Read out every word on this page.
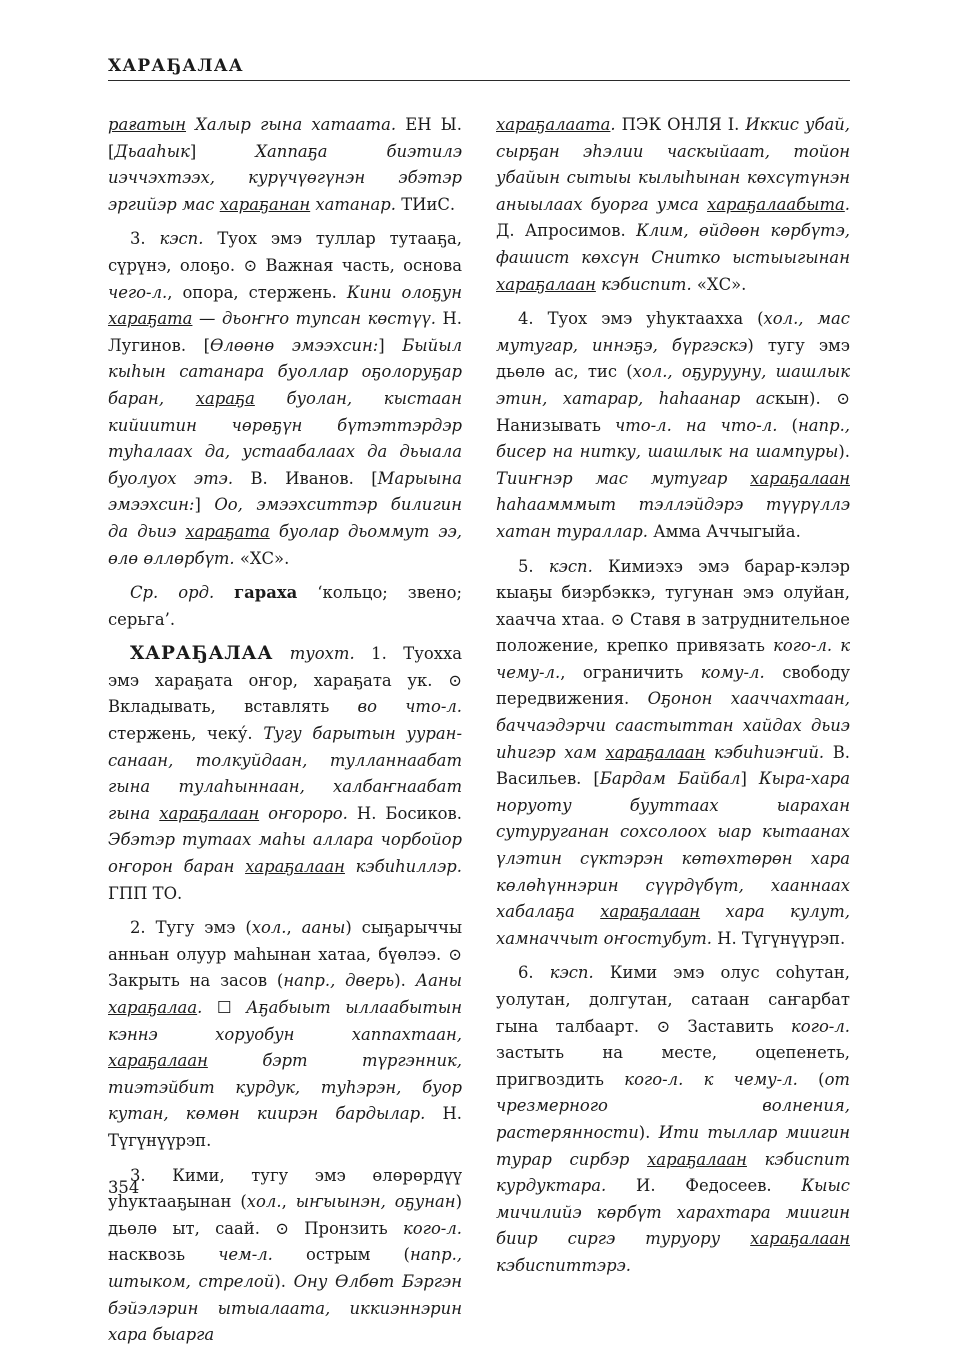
ХАРАҔАЛАА

рағатын Халыр гына хатаата. ЕН Ы. [Дьааһык] Хаппаҕа биэтилэ иэччэхтээх, курүчүөгүнэн эбэтэр эргийэр мас хараҕанан хатанар. ТИиС.

3. кэсп. Туох эмэ туллар тутааҕа, сүрүнэ, олоҕо. ⊙ Важная часть, основа чего-л., опора, стержень. Кини олоҕун хараҕата — дьоҥҥо тупсан көстүү. Н. Лугинов. [Өлөөнө эмээхсин:] Быйыл кыһын сатанара буоллар оҕолоруҕар баран, хараҕа буолан, кыстаан кийиитин чөрөҕүн бүтэттэрдэр туһалаах да, устаабалаах да дьыала буолуох этэ. В. Иванов. [Марыына эмээхсин:] Оо, эмээхситтэр билигин да дьиэ хараҕата буолар дьоммут ээ, өлө өллөрбүт. «ХС».

Ср. орд. гараха ‘кольцо; звено; серьга’.

ХАРАҔАЛАА туохт. 1. Туохха эмэ хараҕата оҥор, хараҕата ук. ⊙ Вкладывать, вставлять во что-л. стержень, чеку́. Тугу барытын ууран-санаан, толкуйдаан, тулланнаабат гына тулаһыннаан, халбаҥнаабат гына хараҕалаан оҥороро. Н. Босиков. Эбэтэр тутаах маһы аллара чорбойор оҥорон баран хараҕалаан кэбиһиллэр. ГПП ТО.

2. Тугу эмэ (хол., ааны) сыҕарыччы анньан олуур маһынан хатаа, бүөлээ. ⊙ Закрыть на засов (напр., дверь). Ааны хараҕалаа. ☐ Аҕабыыт ыллаабытын кэннэ хоруобун хаппахтаан, хараҕалаан бэрт түргэнник, тиэтэйбит курдук, туһэрэн, буор кутан, көмөн киирэн бардылар. Н. Түгүнүүрэп.

3. Кими, тугу эмэ өлөрөрдүү уһуктааҕынан (хол., ыҥыынэн, оҕунан) дьөлө ыт, саай. ⊙ Пронзить кого-л. насквозь чем-л. острым (напр., штыком, стрелой). Ону Өлбөт Бэргэн бэйэлэрин ытыалаата, иккиэннэрин хара быарга

хараҕалаата. ПЭК ОНЛЯ I. Иккис убай, сырҕан эһэлии часкыйаат, тойон убайын сытыы кылыһынан көхсүтүнэн аныылаах буорга умса хараҕалаабыта. Д. Апросимов. Клим, өйдөөн көрбүтэ, фашист көхсүн Снитко ыстыыгынан хараҕалаан кэбиспит. «ХС».

4. Туох эмэ уһуктаахха (хол., мас мутугар, иннэҕэ, бүргэскэ) тугу эмэ дьөлө ас, тис (хол., оҕурууну, шашлык этин, хатарар, һаһаанар аскын). ⊙ Нанизывать что-л. на что-л. (напр., бисер на нитку, шашлык на шампуры). Тииҥнэр мас мутугар хараҕалаан һаһаамммыт тэллэйдэрэ түүрүллэ хатан тураллар. Амма Аччыгыйа.

5. кэсп. Кимиэхэ эмэ барар-кэлэр кыаҕы биэрбэккэ, тугунан эмэ олуйан, хаачча хтаа. ⊙ Ставя в затруднительное положение, крепко привязать кого-л. к чему-л., ограничить кому-л. свободу передвижения. Оҕонон хааччахтаан, баччаэдэрчи саастыттан хайдах дьиэ иһигэр хам хараҕалаан кэбиһиэҥий. В. Васильев. [Бардам Байбал] Кыра-хара норуоту бууттаах ыарахан сутуруганан сохсолоох ыар кытаанах үлэтин сүктэрэн көтөхтөрөн хара көлөһүннэрин сүүрдүбүт, хааннаах хабалаҕа хараҕалаан хара кулут, хамначчыт оҥостубут. Н. Түгүнүүрэп.

6. кэсп. Кими эмэ олус соһутан, уолутан, долгутан, сатаан саҥарбат гына талбаарт. ⊙ Заставить кого-л. застыть на месте, оцепенеть, пригвоздить кого-л. к чему-л. (от чрезмерного волнения, растерянности). Ити тыллар миигин турар сирбэр хараҕалаан кэбиспит курдуктара. И. Федосеев. Кыыс мичилийэ көрбүт харахтара миигин биир сиргэ туруору хараҕалаан кэбиспиттэрэ.

354
